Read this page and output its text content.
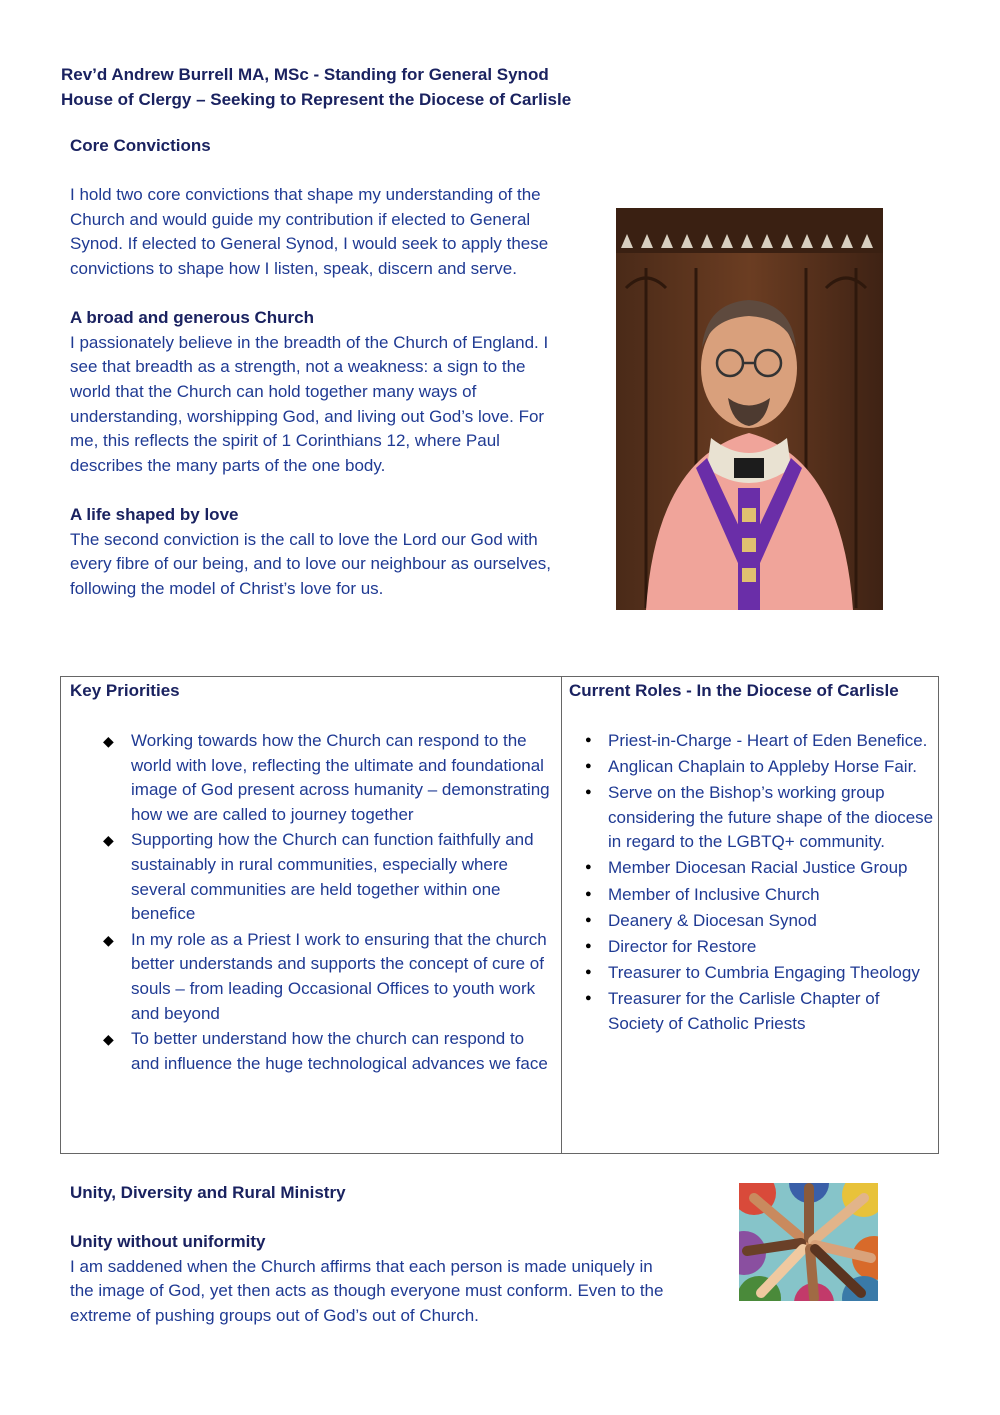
Rev’d Andrew Burrell MA, MSc - Standing for General Synod
House of Clergy – Seeking to Represent the Diocese of Carlisle
Core Convictions

I hold two core convictions that shape my understanding of the Church and would guide my contribution if elected to General Synod. If elected to General Synod, I would seek to apply these convictions to shape how I listen, speak, discern and serve.

A broad and generous Church

I passionately believe in the breadth of the Church of England. I see that breadth as a strength, not a weakness: a sign to the world that the Church can hold together many ways of understanding, worshipping God, and living out God’s love. For me, this reflects the spirit of 1 Corinthians 12, where Paul describes the many parts of the one body.

A life shaped by love

The second conviction is the call to love the Lord our God with every fibre of our being, and to love our neighbour as ourselves, following the model of Christ’s love for us.

Key Priorities
◆ Working towards how the Church can respond to the world with love, reflecting the ultimate and foundational image of God present across humanity – demonstrating how we are called to journey together
◆ Supporting how the Church can function faithfully and sustainably in rural communities, especially where several communities are held together within one benefice
◆ In my role as a Priest I work to ensuring that the church better understands and supports the concept of cure of souls – from leading Occasional Offices to youth work and beyond
◆ To better understand how the church can respond to and influence the huge technological advances we face
Current Roles - In the Diocese of Carlisle
● Priest-in-Charge - Heart of Eden Benefice.
● Anglican Chaplain to Appleby Horse Fair.
● Serve on the Bishop’s working group considering the future shape of the diocese in regard to the LGBTQ+ community.
● Member Diocesan Racial Justice Group
● Member of Inclusive Church
● Deanery & Diocesan Synod
● Director for Restore
● Treasurer to Cumbria Engaging Theology
● Treasurer for the Carlisle Chapter of Society of Catholic Priests
Unity, Diversity and Rural Ministry
Unity without uniformity

I am saddened when the Church affirms that each person is made uniquely in the image of God, yet then acts as though everyone must conform. Even to the extreme of pushing groups out of God’s out of Church.
